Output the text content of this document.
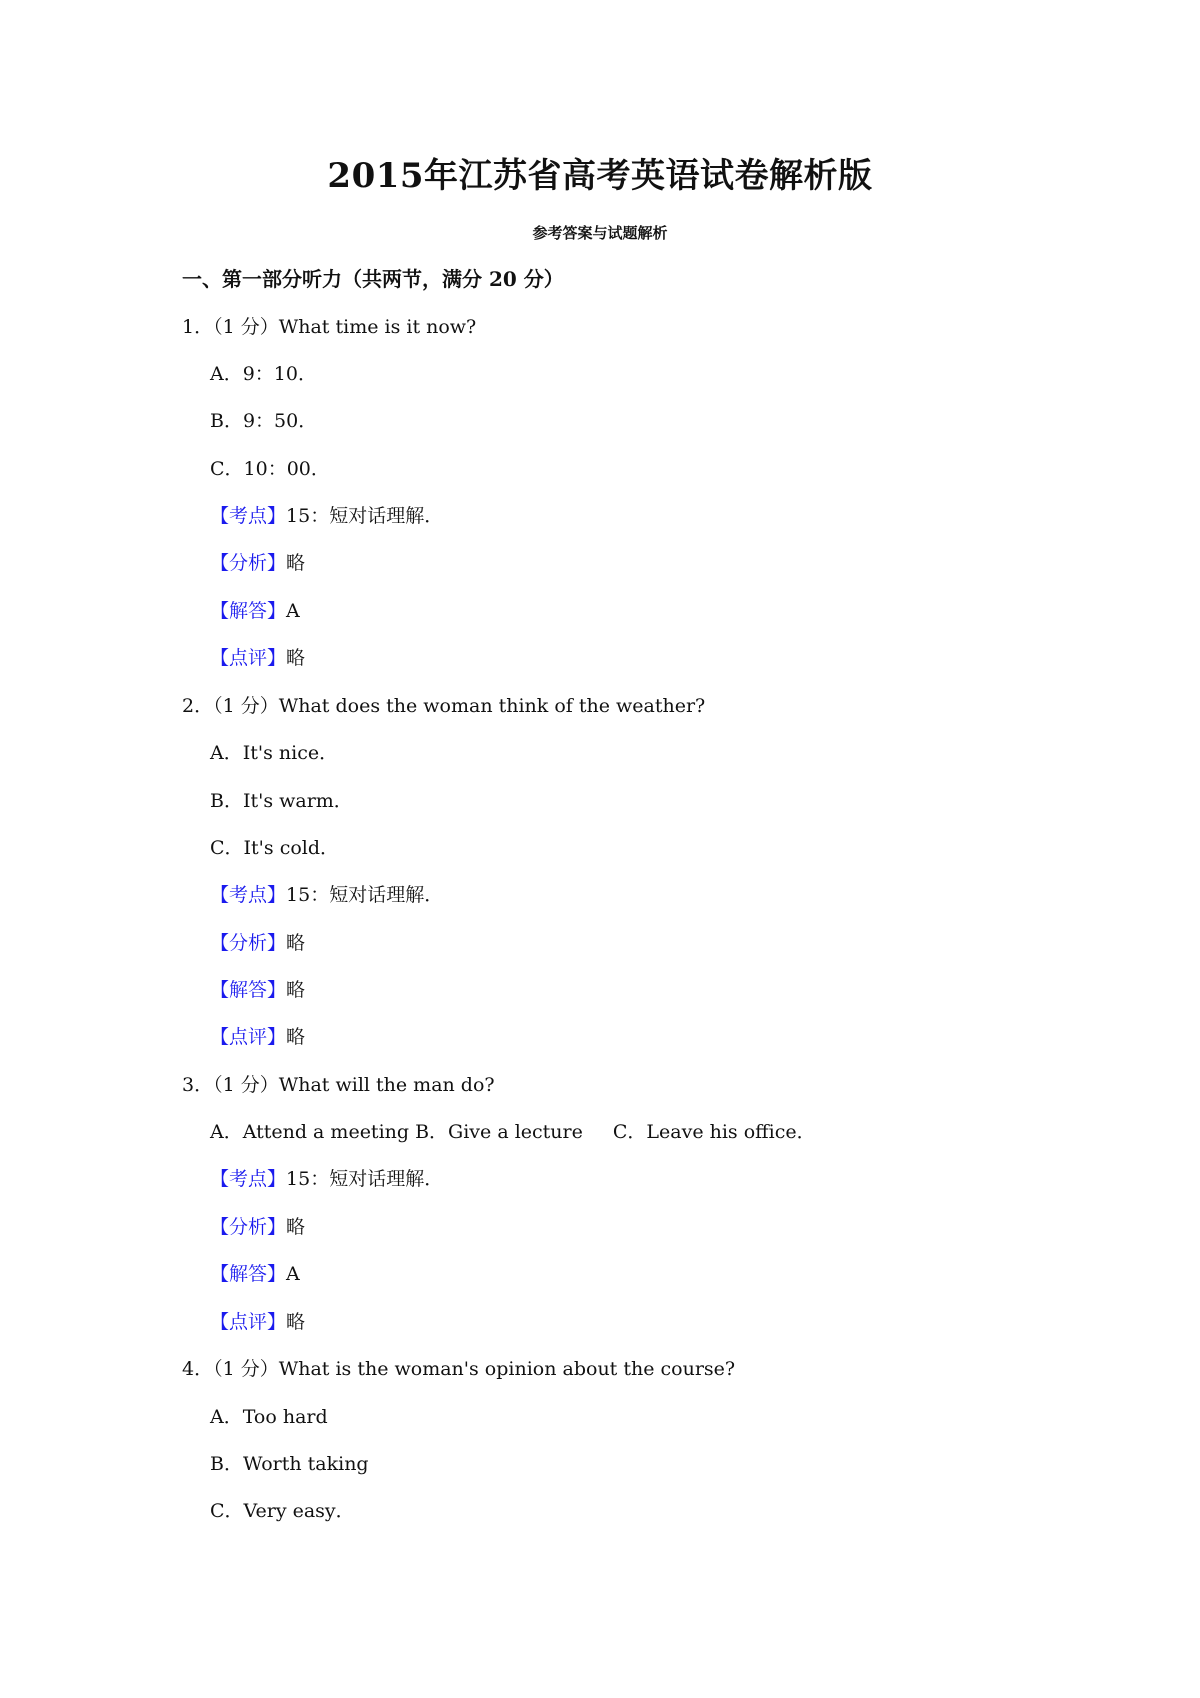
2015年江苏省高考英语试卷解析版
参考答案与试题解析
一、第一部分听力（共两节，满分 20 分）
1．（1 分）What time is it now?
A．9：10．
B．9：50．
C．10：00．
【考点】15：短对话理解．
【分析】略
【解答】A
【点评】略
2．（1 分）What does the woman think of the weather?
A．It's nice．
B．It's warm．
C．It's cold．
【考点】15：短对话理解．
【分析】略
【解答】略
【点评】略
3．（1 分）What will the man do?
A．Attend a meeting B．Give a lecture C．Leave his office．
【考点】15：短对话理解．
【分析】略
【解答】A
【点评】略
4．（1 分）What is the woman's opinion about the course?
A．Too hard
B．Worth taking
C．Very easy．
